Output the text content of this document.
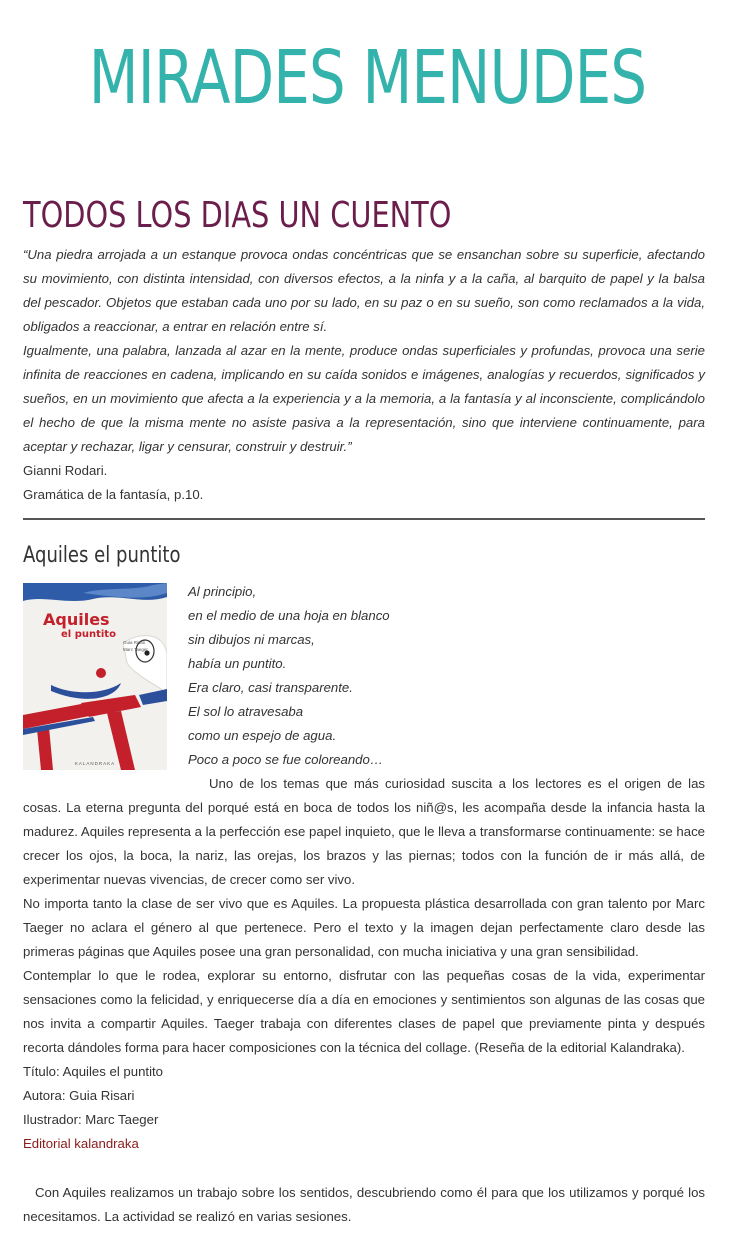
MIRADES MENUDES
TODOS LOS DIAS UN CUENTO

“Una piedra arrojada a un estanque provoca ondas concéntricas que se ensanchan sobre su superficie, afectando su movimiento, con distinta intensidad, con diversos efectos, a la ninfa y a la caña, al barquito de papel y la balsa del pescador. Objetos que estaban cada uno por su lado, en su paz o en su sueño, son como reclamados a la vida, obligados a reaccionar, a entrar en relación entre sí.

Igualmente, una palabra, lanzada al azar en la mente, produce ondas superficiales y profundas, provoca una serie infinita de reacciones en cadena, implicando en su caída sonidos e imágenes, analogías y recuerdos, significados y sueños, en un movimiento que afecta a la experiencia y a la memoria, a la fantasía y al inconsciente, complicándolo el hecho de que la misma mente no asiste pasiva a la representación, sino que interviene continuamente, para aceptar y rechazar, ligar y censurar, construir y destruir.”

Gianni Rodari.

Gramática de la fantasía, p.10.

Aquiles el puntito
Aquiles
el puntito
Guia Risari
Marc Taeger
KALANDRAKA
Al principio,
en el medio de una hoja en blanco
sin dibujos ni marcas,
había un puntito.
Era claro, casi transparente.
El sol lo atravesaba
como un espejo de agua.
Poco a poco se fue coloreando…

Uno de los temas que más curiosidad suscita a los lectores es el origen de las cosas. La eterna pregunta del porqué está en boca de todos los niñ@s, les acompaña desde la infancia hasta la madurez. Aquiles representa a la perfección ese papel inquieto, que le lleva a transformarse continuamente: se hace crecer los ojos, la boca, la nariz, las orejas, los brazos y las piernas; todos con la función de ir más allá, de experimentar nuevas vivencias, de crecer como ser vivo.

No importa tanto la clase de ser vivo que es Aquiles. La propuesta plástica desarrollada con gran talento por Marc Taeger no aclara el género al que pertenece. Pero el texto y la imagen dejan perfectamente claro desde las primeras páginas que Aquiles posee una gran personalidad, con mucha iniciativa y una gran sensibilidad.

Contemplar lo que le rodea, explorar su entorno, disfrutar con las pequeñas cosas de la vida, experimentar sensaciones como la felicidad, y enriquecerse día a día en emociones y sentimientos son algunas de las cosas que nos invita a compartir Aquiles. Taeger trabaja con diferentes clases de papel que previamente pinta y después recorta dándoles forma para hacer composiciones con la técnica del collage. (Reseña de la editorial Kalandraka).

Título: Aquiles el puntito
Autora: Guia Risari
Ilustrador: Marc Taeger
Editorial kalandraka

Con Aquiles realizamos un trabajo sobre los sentidos, descubriendo como él para que los utilizamos y porqué los necesitamos. La actividad se realizó en varias sesiones.
